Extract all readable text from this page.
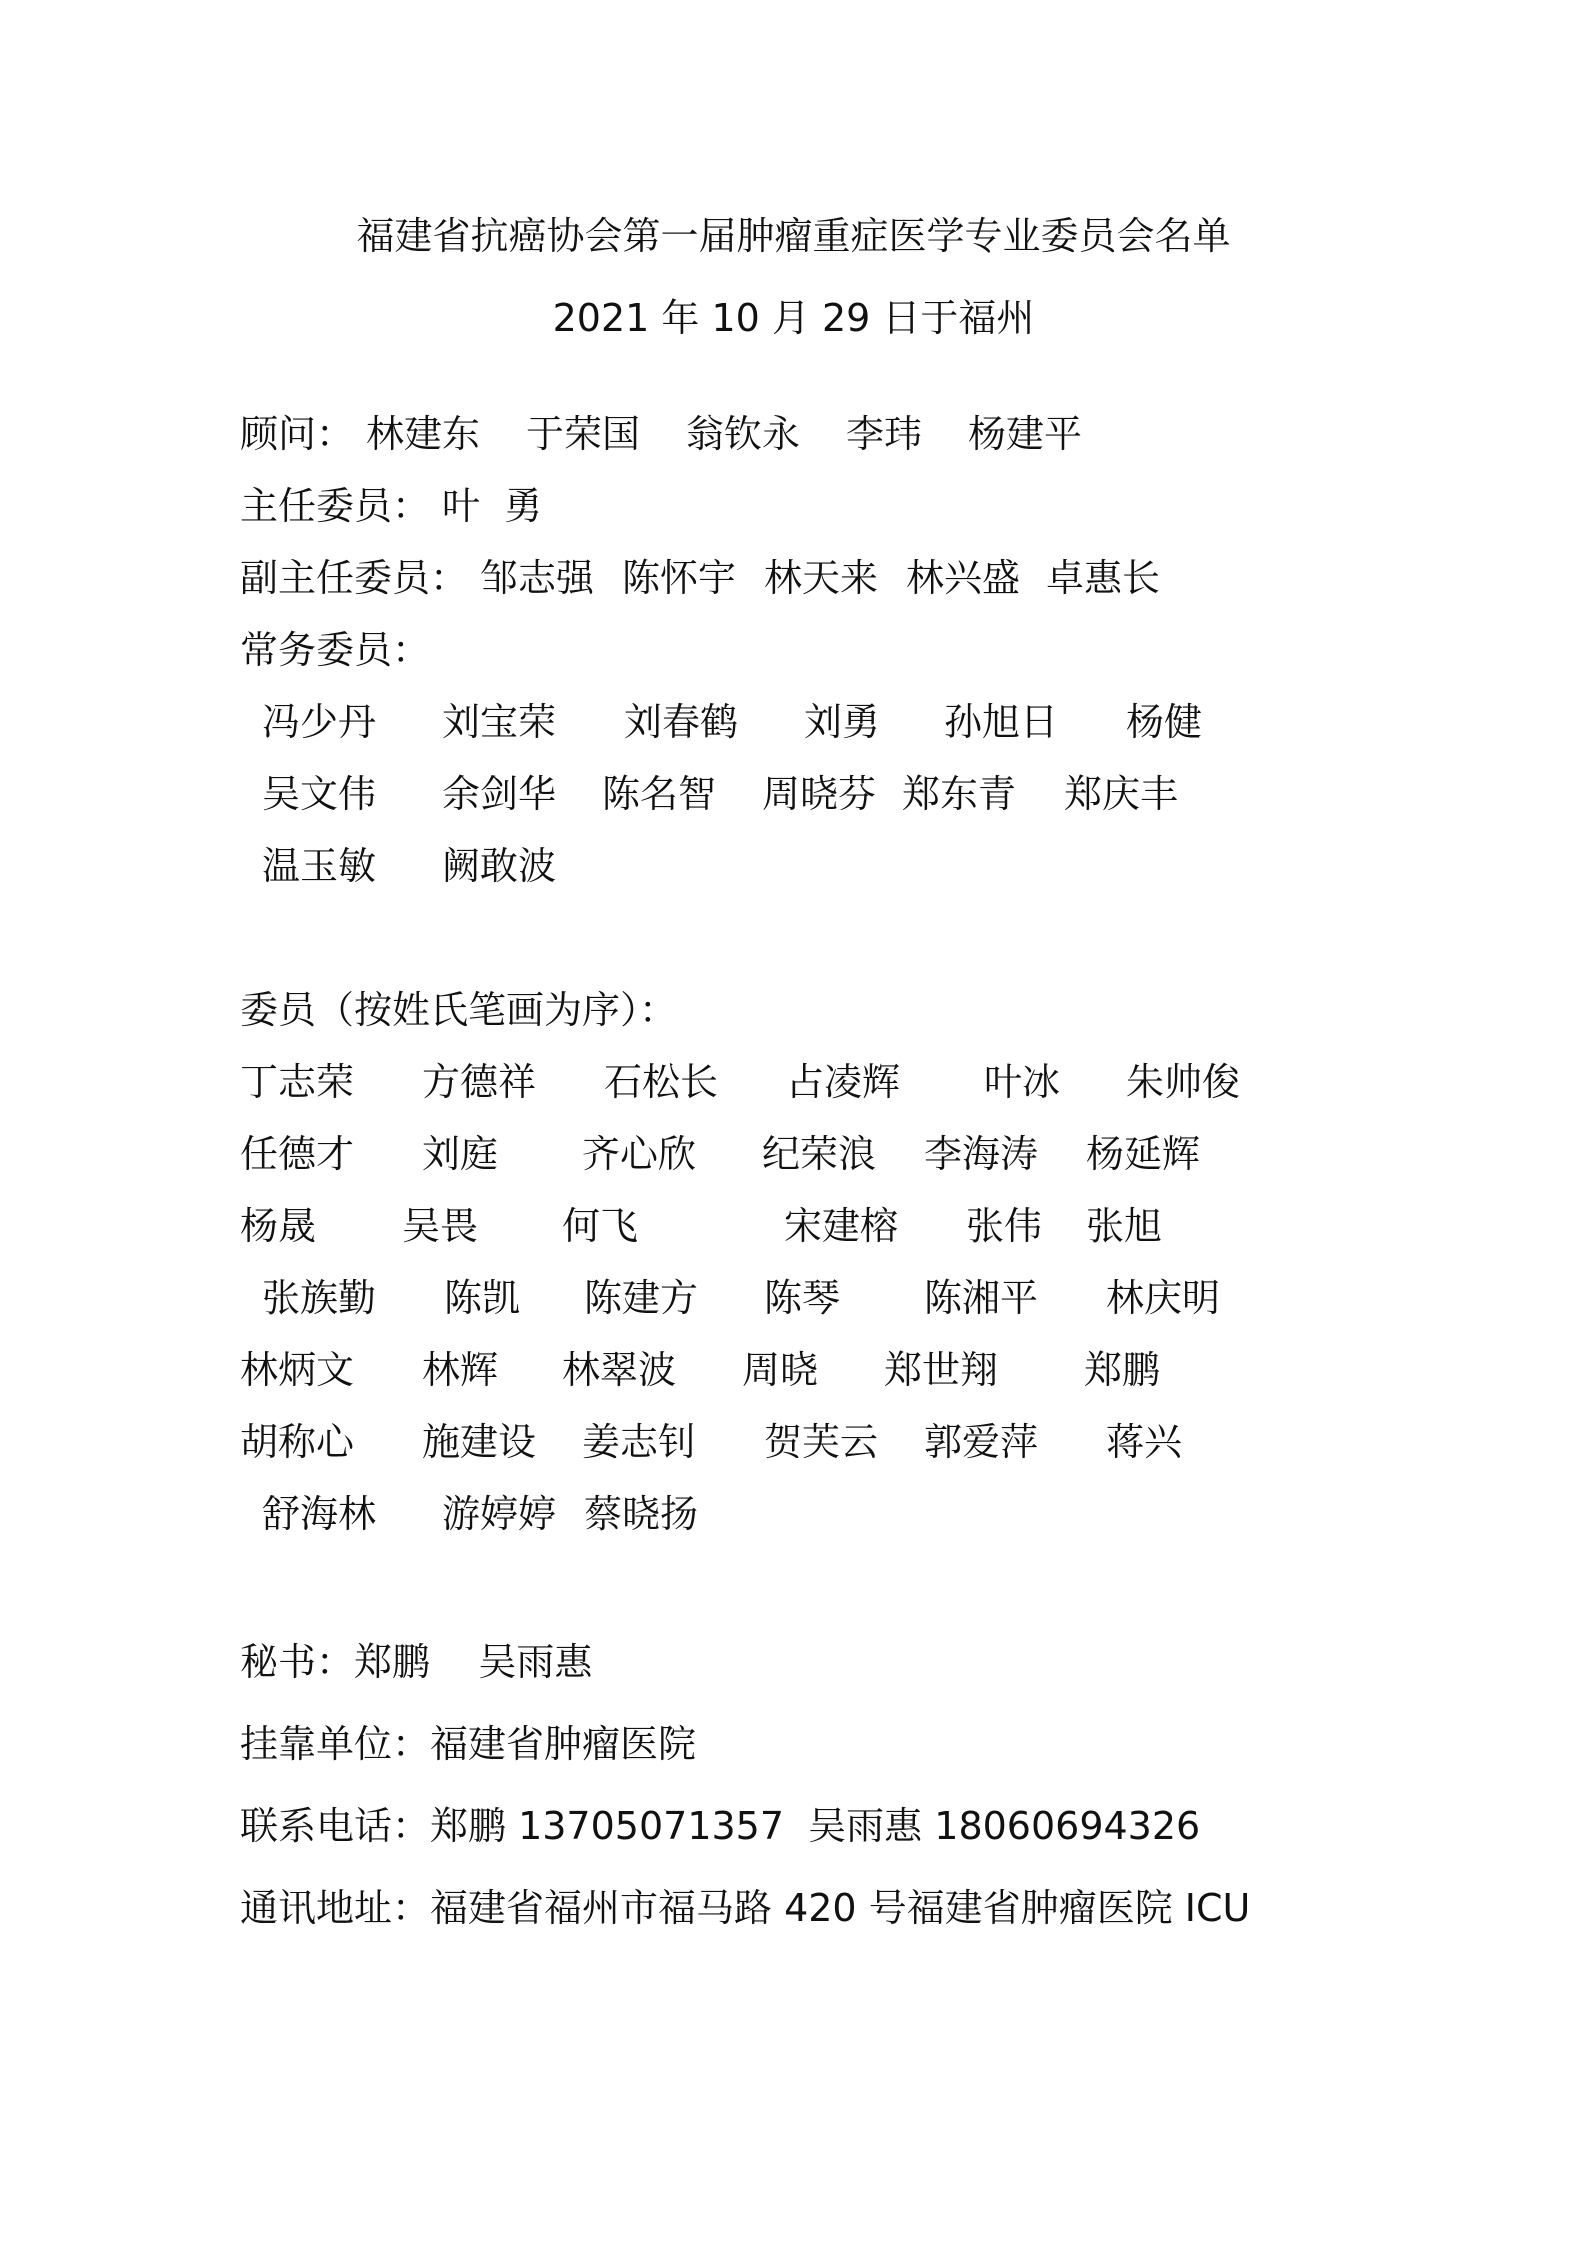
福建省抗癌协会第一届肿瘤重症医学专业委员会名单
2021 年 10 月 29 日于福州
顾问： 林建东 于荣国 翁钦永 李玮 杨建平
主任委员： 叶  勇
副主任委员： 邹志强 陈怀宇 林天来 林兴盛 卓惠长
常务委员：
冯少丹 刘宝荣 刘春鹤 刘勇 孙旭日 杨健
吴文伟 余剑华 陈名智 周晓芬 郑东青 郑庆丰
温玉敏 阙敢波
委员（按姓氏笔画为序）：
丁志荣 方德祥 石松长 占凌辉 叶冰 朱帅俊
任德才 刘庭 齐心欣 纪荣浪 李海涛 杨延辉
杨晟 吴畏 何飞	宋建榕 张伟 张旭
张族勤 陈凯 陈建方 陈琴 陈湘平 林庆明
林炳文 林辉 林翠波 周晓 郑世翔 郑鹏
胡称心 施建设 姜志钊 贺芙云 郭爱萍 蒋兴
舒海林 游婷婷 蔡晓扬
秘书：郑鹏    吴雨惠
挂靠单位：福建省肿瘤医院
联系电话：郑鹏 13705071357  吴雨惠 18060694326
通讯地址：福建省福州市福马路 420 号福建省肿瘤医院 ICU
